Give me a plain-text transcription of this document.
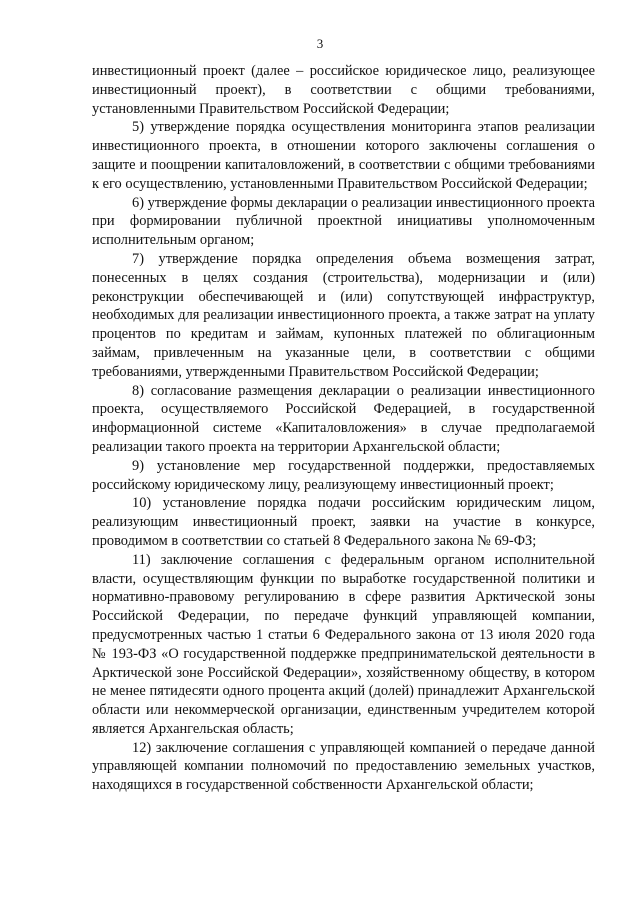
3

инвестиционный проект (далее – российское юридическое лицо, реализующее инвестиционный проект), в соответствии с общими требованиями, установленными Правительством Российской Федерации;

5) утверждение порядка осуществления мониторинга этапов реализации инвестиционного проекта, в отношении которого заключены соглашения о защите и поощрении капиталовложений, в соответствии с общими требованиями к его осуществлению, установленными Правительством Российской Федерации;

6) утверждение формы декларации о реализации инвестиционного проекта при формировании публичной проектной инициативы уполномоченным исполнительным органом;

7) утверждение порядка определения объема возмещения затрат, понесенных в целях создания (строительства), модернизации и (или) реконструкции обеспечивающей и (или) сопутствующей инфраструктур, необходимых для реализации инвестиционного проекта, а также затрат на уплату процентов по кредитам и займам, купонных платежей по облигационным займам, привлеченным на указанные цели, в соответствии с общими требованиями, утвержденными Правительством Российской Федерации;

8) согласование размещения декларации о реализации инвестиционного проекта, осуществляемого Российской Федерацией, в государственной информационной системе «Капиталовложения» в случае предполагаемой реализации такого проекта на территории Архангельской области;

9) установление мер государственной поддержки, предоставляемых российскому юридическому лицу, реализующему инвестиционный проект;

10) установление порядка подачи российским юридическим лицом, реализующим инвестиционный проект, заявки на участие в конкурсе, проводимом в соответствии со статьей 8 Федерального закона № 69-ФЗ;

11) заключение соглашения с федеральным органом исполнительной власти, осуществляющим функции по выработке государственной политики и нормативно-правовому регулированию в сфере развития Арктической зоны Российской Федерации, по передаче функций управляющей компании, предусмотренных частью 1 статьи 6 Федерального закона от 13 июля 2020 года № 193-ФЗ «О государственной поддержке предпринимательской деятельности в Арктической зоне Российской Федерации», хозяйственному обществу, в котором не менее пятидесяти одного процента акций (долей) принадлежит Архангельской области или некоммерческой организации, единственным учредителем которой является Архангельская область;

12) заключение соглашения с управляющей компанией о передаче данной управляющей компании полномочий по предоставлению земельных участков, находящихся в государственной собственности Архангельской области;
